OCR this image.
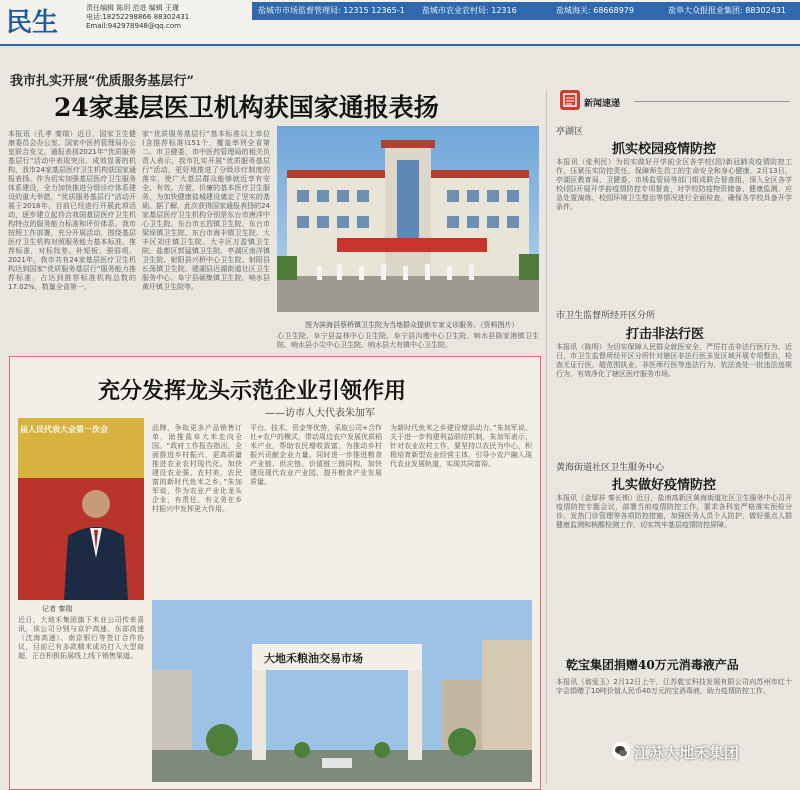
民生	责任编辑 陈玥 范进 编辑 王瑾
电话:18252298866 88302431
Email:942978948@qq.com
盐城市市场监督管理局: 12315 12365-1 盐城市农业农村局: 12316	盐城海关: 68668979	盐阜大众报报业集团: 88302431
我市扎实开展“优质服务基层行”
24家基层医卫机构获国家通报表扬
本报讯（孔孝 秦瑞）近日，国家卫生健康委员会办公室、国家中医药管理局办公室联合发文，通报表扬2021年“优质服务基层行”活动中表现突出、成效显著的机构，我市24家基层医疗卫生机构获国家通报表扬。作为切实加强基层医疗卫生服务体系建设，全力加快推进分级诊疗体系建设的重大举措，“优质服务基层行”活动开展于2018年，目前已经进行开展此项活动，逐步建立起符合我国基层医疗卫生机构特点的服务能力标准和评价体系。我市按照工作部署，充分开展活动，围绕基层医疗卫生机构对照服务能力基本标准、推荐标准，对标找差、补短板、强弱项。2021年，我市共有24家基层医疗卫生机构达到国家“优质服务基层行”服务能力推荐标准，占达到推荐标准机构总数的17.02%，数量全省第一。
家“优质服务基层行”基本标准以上单位(含推荐标准)151个，覆盖率列全省第二。市卫健委、市中医药管理局的相关负责人表示，我市扎实开展“优质服务基层行”活动，更好地推进了分级诊疗制度的落实，使广大基层群众能够就近享有安全、有效、方便、价廉的基本医疗卫生服务，为加快健康盐城建设奠定了坚实的基础。据了解，此次获得国家通报表扬的24家基层医疗卫生机构分别是东台市唐洋中心卫生院、东台市五烈镇卫生院、东台市梁垛镇卫生院、东台市海丰镇卫生院、大丰区刘庄镇卫生院、大丰区万盈镇卫生院、盐都区郭猛镇卫生院、亭湖区南洋镇卫生院、射阳县兴桥中心卫生院、射阳县长荡镇卫生院、建湖县近湖街道社区卫生服务中心、阜宁县硕集镇卫生院、响水县黄圩镇卫生院等。
图为滨海县蔡桥镇卫生院为当地群众提供专家义诊服务。（资料图片）
心卫生院、阜宁县益林中心卫生院、阜宁县沟墩中心卫生院、响水县陈家港镇卫生院、响水县小尖中心卫生院、响水县大有镇中心卫生院。
充分发挥龙头示范企业引领作用
——访市人大代表朱加军
届人民代表大会第一次会
记者 秦瑞
近日，大地禾集团旗下米业公司传来喜讯，该公司分别与京沪高速、东部高速（沈海高速）、南京银行等签订合作协议，目前已有多款精米成功打入大型商超，正在积极拓展线上线下销售渠道。
品牌，争取更多产品销售订单，助推盐阜大米走向全国。“政府工作报告指出，全面推进乡村振兴，更高质量推进农业农村现代化。加快建设农业强、农村美、农民富的新时代鱼米之乡。”朱加军说，作为农业产业化龙头企业，有责任、有义务在乡村振兴中发挥更大作用。
平台、技术、资金等优势，采取公司+合作社+农户的模式，带动周边农户发展优质稻米产业，帮助农民增收致富，为推动乡村振兴贡献企业力量。同时进一步推进粮食产业链、供应链、价值链三链同构，加快建设现代农业产业园，提升粮食产业发展质量。
为新时代鱼米之乡建设增添动力。”朱加军说。关于进一步构建利益联结机制，朱加军表示，针对农业农村工作，要坚持以农民为中心，积极培育新型农业经营主体，引导小农户融入现代农业发展轨道，实现共同富裕。
大地禾粮油交易市场
新闻速递
亭湖区
抓实校园疫情防控
本报讯（张利民）为切实做好开学前全区各学校(园)新冠肺炎疫情防控工作，压紧压实防控责任，保障师生员工的生命安全和身心健康，2月13日，亭湖区教育局、卫健委、市场监管局等部门组成联合督查组，深入全区各学校(园)开展开学前疫情防控专项督查，对学校防疫物资储备、健康监测、应急处置演练、校园环境卫生整治等情况进行全面检查，确保各学校具备开学条件。
市卫生监督所经开区分所
打击非法行医
本报讯（陈明）为切实保障人民群众就医安全，严厉打击非法行医行为，近日，市卫生监督所经开区分所针对辖区非法行医多发区域开展专项整治，检查无证行医、超范围执业、非医师行医等违法行为，依法查处一批违法违规行为，有效净化了辖区医疗服务市场。
黄海街道社区卫生服务中心
扎实做好疫情防控
本报讯（金厚祥 秦长锁）近日，盐南高新区黄海街道社区卫生服务中心召开疫情防控专题会议，部署当前疫情防控工作，要求各科室严格落实预检分诊、发热门诊管理等各项防控措施，加强医务人员个人防护，做好重点人群健康监测和核酸检测工作，切实筑牢基层疫情防控屏障。
乾宝集团捐赠40万元消毒液产品
本报讯（翁爱玉）2月12日上午，江苏乾宝科技发展有限公司向苏州市红十字会捐赠了10吨价值人民币40万元的宝消毒液，助力疫情防控工作。
江苏大地禾集团
